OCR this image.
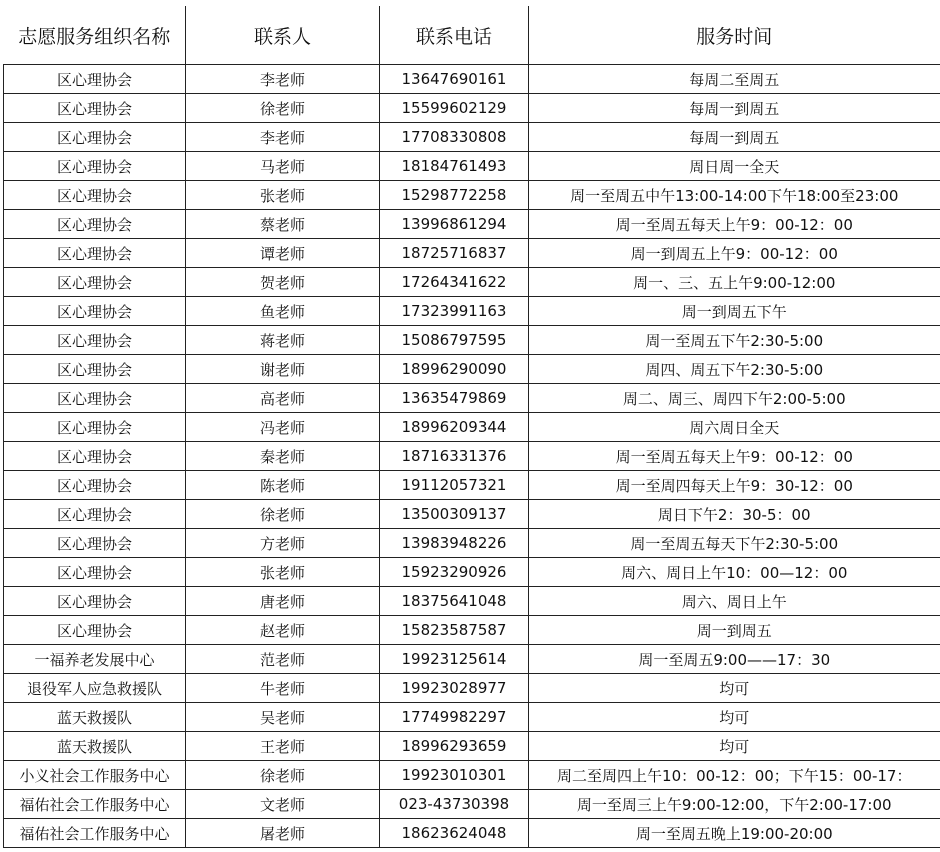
志愿服务组织名称	联系人	联系电话	服务时间
区心理协会	李老师	13647690161	每周二至周五
区心理协会	徐老师	15599602129	每周一到周五
区心理协会	李老师	17708330808	每周一到周五
区心理协会	马老师	18184761493	周日周一全天
区心理协会	张老师	15298772258	周一至周五中午13:00-14:00下午18:00至23:00
区心理协会	蔡老师	13996861294	周一至周五每天上午9：00-12：00
区心理协会	谭老师	18725716837	周一到周五上午9：00-12：00
区心理协会	贺老师	17264341622	周一、三、五上午9:00-12:00
区心理协会	鱼老师	17323991163	周一到周五下午
区心理协会	蒋老师	15086797595	周一至周五下午2:30-5:00
区心理协会	谢老师	18996290090	周四、周五下午2:30-5:00
区心理协会	高老师	13635479869	周二、周三、周四下午2:00-5:00
区心理协会	冯老师	18996209344	周六周日全天
区心理协会	秦老师	18716331376	周一至周五每天上午9：00-12：00
区心理协会	陈老师	19112057321	周一至周四每天上午9：30-12：00
区心理协会	徐老师	13500309137	周日下午2：30-5：00
区心理协会	方老师	13983948226	周一至周五每天下午2:30-5:00
区心理协会	张老师	15923290926	周六、周日上午10：00—12：00
区心理协会	唐老师	18375641048	周六、周日上午
区心理协会	赵老师	15823587587	周一到周五
一福养老发展中心	范老师	19923125614	周一至周五9:00——17：30
退役军人应急救援队	牛老师	19923028977	均可
蓝天救援队	吴老师	17749982297	均可
蓝天救援队	王老师	18996293659	均可
小义社会工作服务中心	徐老师	19923010301	周二至周四上午10：00-12：00；下午15：00-17：
福佑社会工作服务中心	文老师	023-43730398	周一至周三上午9:00-12:00，下午2:00-17:00
福佑社会工作服务中心	屠老师	18623624048	周一至周五晚上19:00-20:00
